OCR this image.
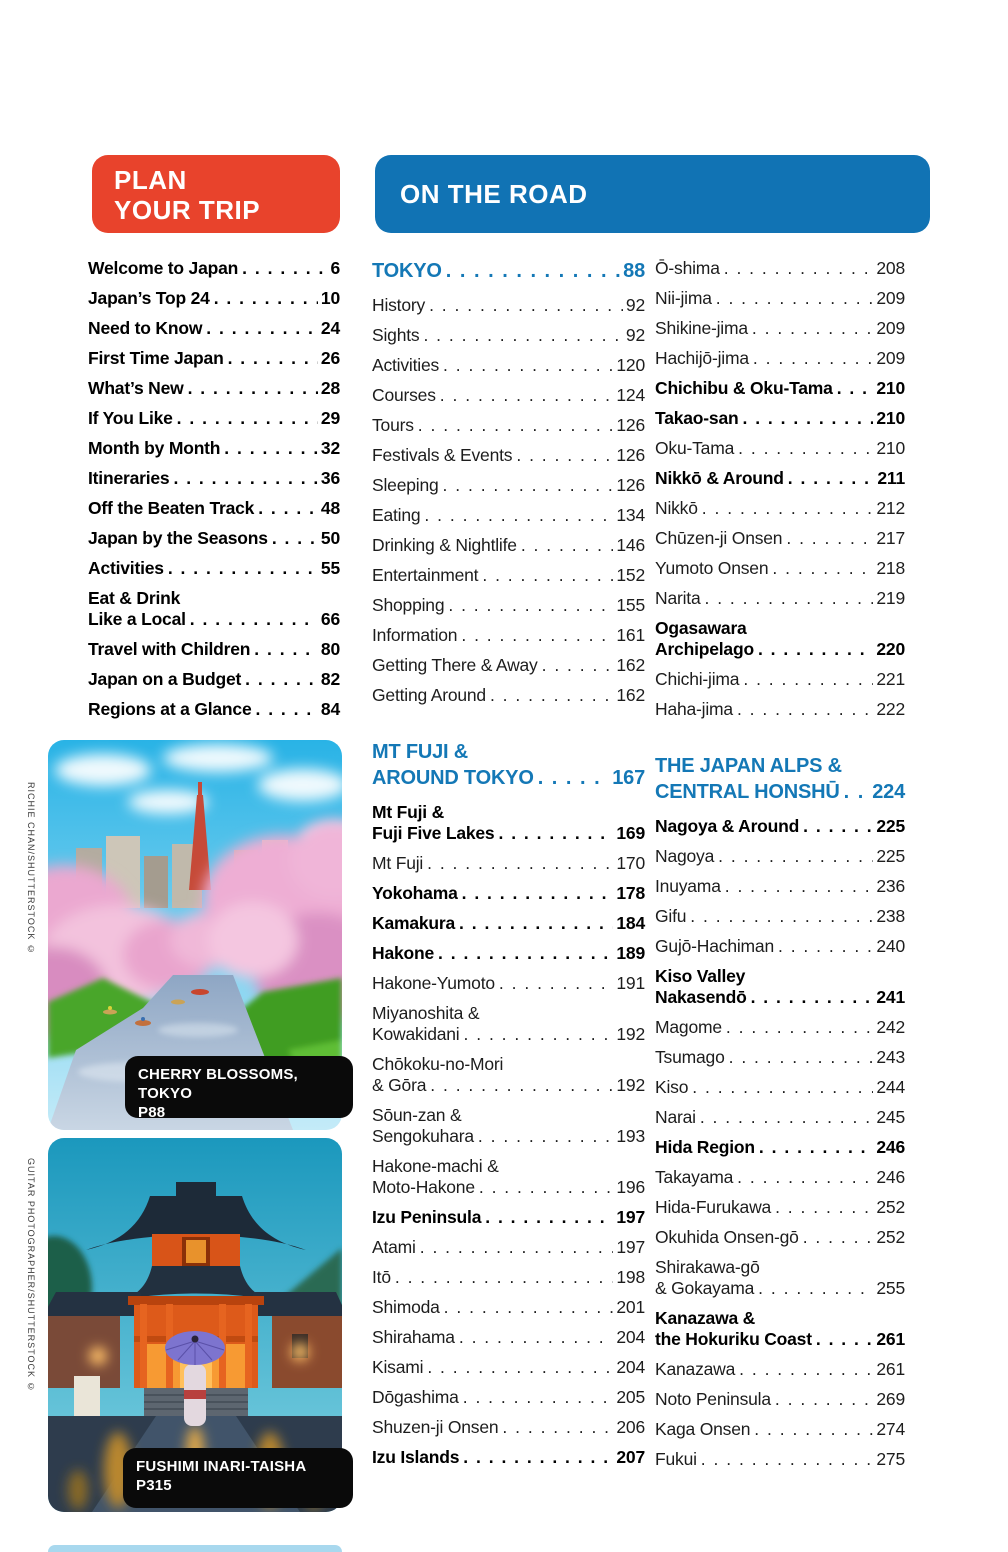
PLAN
YOUR TRIP
ON THE ROAD
Welcome to Japan . . .	6
Japan’s Top 24 . . .	10
Need to Know . . .	24
First Time Japan . . .	26
What’s New . . .	28
If You Like . . .	29
Month by Month . . .	32
Itineraries . . .	36
Off the Beaten Track . . .	48
Japan by the Seasons . . .	50
Activities . . .	55
Eat & Drink
Like a Local . . .	66
Travel with Children . . .	80
Japan on a Budget . . .	82
Regions at a Glance . . .	84
TOKYO . . .	88
History . . .	92
Sights . . .	92
Activities . . .	120
Courses . . .	124
Tours . . .	126
Festivals & Events . . .	126
Sleeping . . .	126
Eating . . .	134
Drinking & Nightlife . . .	146
Entertainment . . .	152
Shopping . . .	155
Information . . .	161
Getting There & Away . . .	162
Getting Around . . .	162
MT FUJI &
AROUND TOKYO . . .	167
Mt Fuji &
Fuji Five Lakes . . .	169
Mt Fuji . . .	170
Yokohama . . .	178
Kamakura . . .	184
Hakone . . .	189
Hakone-Yumoto . . .	191
Miyanoshita &
Kowakidani . . .	192
Chōkoku-no-Mori
& Gōra . . .	192
Sōun-zan &
Sengokuhara . . .	193
Hakone-machi &
Moto-Hakone . . .	196
Izu Peninsula . . .	197
Atami . . .	197
Itō . . .	198
Shimoda . . .	201
Shirahama . . .	204
Kisami . . .	204
Dōgashima . . .	205
Shuzen-ji Onsen . . .	206
Izu Islands . . .	207
Ō-shima . . .	208
Nii-jima . . .	209
Shikine-jima . . .	209
Hachijō-jima . . .	209
Chichibu & Oku-Tama . . . 210
Takao-san . . .	210
Oku-Tama . . .	210
Nikkō & Around . . .	211
Nikkō . . .	212
Chūzen-ji Onsen . . .	217
Yumoto Onsen . . .	218
Narita . . .	219
Ogasawara
Archipelago . . .	220
Chichi-jima . . .	221
Haha-jima . . .	222
THE JAPAN ALPS &
CENTRAL HONSHŪ . . . 224
Nagoya & Around . . .	225
Nagoya . . .	225
Inuyama . . .	236
Gifu . . .	238
Gujō-Hachiman . . .	240
Kiso Valley
Nakasendō . . .	241
Magome . . .	242
Tsumago . . .	243
Kiso . . .	244
Narai . . .	245
Hida Region . . .	246
Takayama . . .	246
Hida-Furukawa . . .	252
Okuhida Onsen-gō . . .	252
Shirakawa-gō
& Gokayama . . .	255
Kanazawa &
the Hokuriku Coast . . .	261
Kanazawa . . .	261
Noto Peninsula . . .	269
Kaga Onsen . . .	274
Fukui . . .	275
RICHIE CHAN/SHUTTERSTOCK ©
CHERRY BLOSSOMS, TOKYO
P88
GUITAR PHOTOGRAPHER/SHUTTERSTOCK ©
FUSHIMI INARI-TAISHA P315
